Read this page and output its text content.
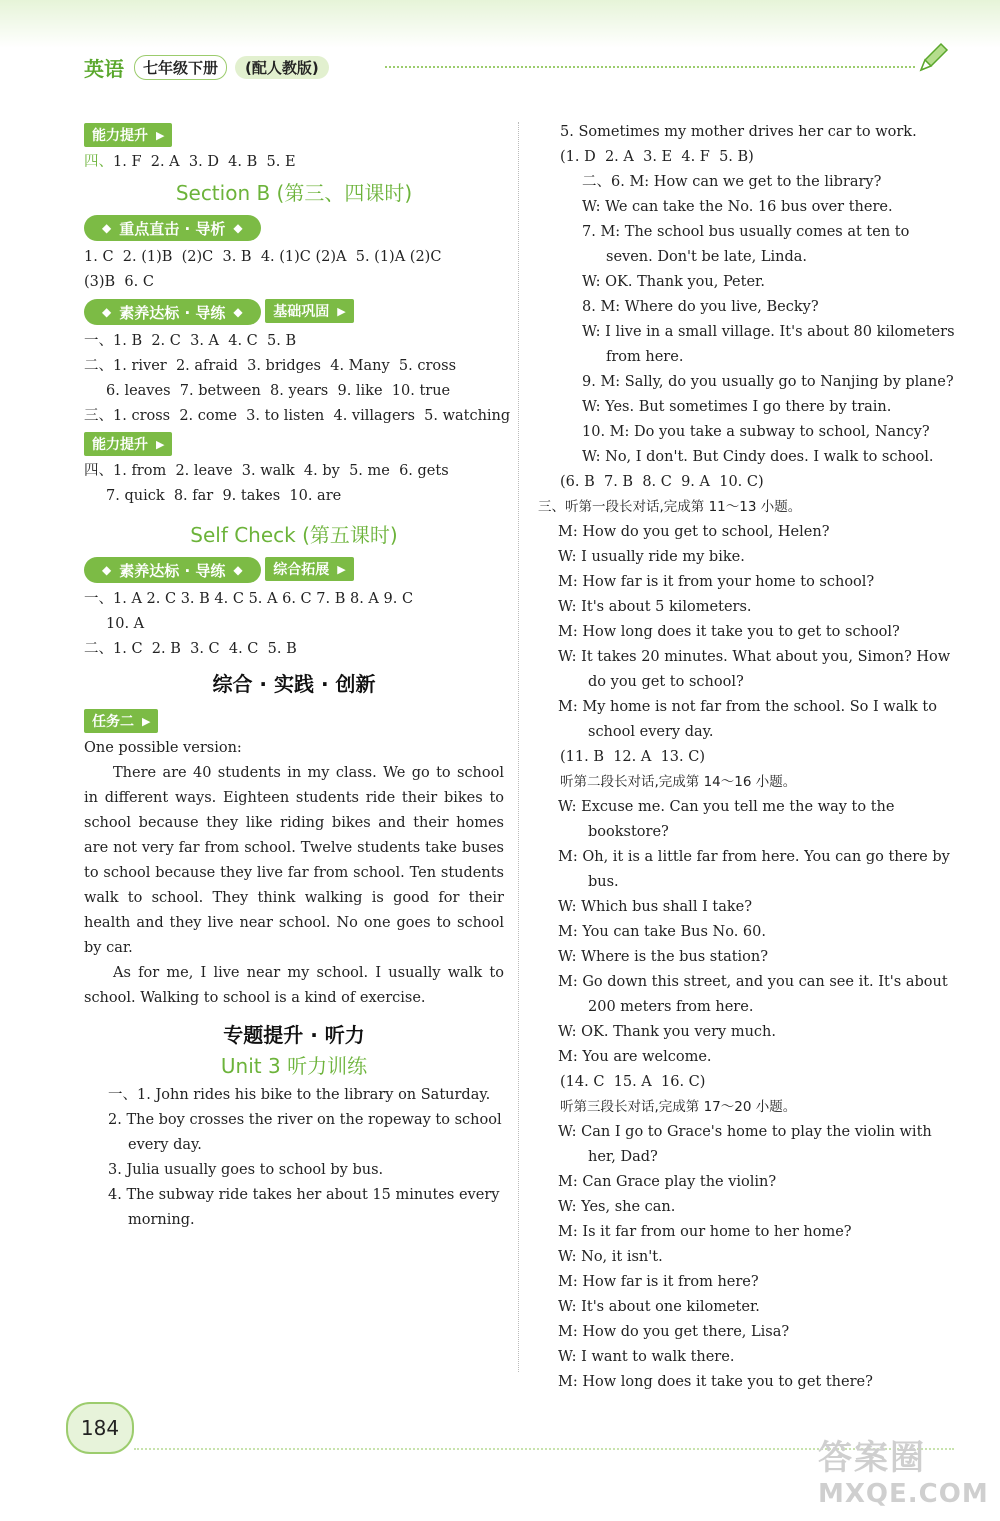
英语	七年级下册	(配人教版)
能力提升 ▶
四、1. F 2. A 3. D 4. B 5. E
Section B (第三、四课时)
◆ 重点直击 · 导析 ◆
1. C 2. (1)B (2)C 3. B 4. (1)C (2)A 5. (1)A (2)C
(3)B 6. C
◆ 素养达标 · 导练 ◆
基础巩固 ▶
一、1. B 2. C 3. A 4. C 5. B
二、1. river 2. afraid 3. bridges 4. Many 5. cross
6. leaves 7. between 8. years 9. like 10. true
三、1. cross 2. come 3. to listen 4. villagers 5. watching
能力提升 ▶
四、1. from 2. leave 3. walk 4. by 5. me 6. gets
7. quick 8. far 9. takes 10. are
Self Check (第五课时)
◆ 素养达标 · 导练 ◆
综合拓展 ▶
一、1. A 2. C 3. B 4. C 5. A 6. C 7. B 8. A 9. C
10. A
二、1. C 2. B 3. C 4. C 5. B
综合 · 实践 · 创新
任务二 ▶
One possible version:
There are 40 students in my class. We go to school in different ways. Eighteen students ride their bikes to school because they like riding bikes and their homes are not very far from school. Twelve students take buses to school because they live far from school. Ten students walk to school. They think walking is good for their health and they live near school. No one goes to school by car.
As for me, I live near my school. I usually walk to school. Walking to school is a kind of exercise.
专题提升 · 听力
Unit 3 听力训练
一、1. John rides his bike to the library on Saturday.
2. The boy crosses the river on the ropeway to school every day.
3. Julia usually goes to school by bus.
4. The subway ride takes her about 15 minutes every morning.
5. Sometimes my mother drives her car to work.
(1. D 2. A 3. E 4. F 5. B)
二、6. M: How can we get to the library?
W: We can take the No. 16 bus over there.
7. M: The school bus usually comes at ten to seven. Don't be late, Linda.
W: OK. Thank you, Peter.
8. M: Where do you live, Becky?
W: I live in a small village. It's about 80 kilometers from here.
9. M: Sally, do you usually go to Nanjing by plane?
W: Yes. But sometimes I go there by train.
10. M: Do you take a subway to school, Nancy?
W: No, I don't. But Cindy does. I walk to school.
(6. B 7. B 8. C 9. A 10. C)
三、听第一段长对话,完成第 11～13 小题。
M: How do you get to school, Helen?
W: I usually ride my bike.
M: How far is it from your home to school?
W: It's about 5 kilometers.
M: How long does it take you to get to school?
W: It takes 20 minutes. What about you, Simon? How do you get to school?
M: My home is not far from the school. So I walk to school every day.
(11. B 12. A 13. C)
听第二段长对话,完成第 14～16 小题。
W: Excuse me. Can you tell me the way to the bookstore?
M: Oh, it is a little far from here. You can go there by bus.
W: Which bus shall I take?
M: You can take Bus No. 60.
W: Where is the bus station?
M: Go down this street, and you can see it. It's about 200 meters from here.
W: OK. Thank you very much.
M: You are welcome.
(14. C 15. A 16. C)
听第三段长对话,完成第 17～20 小题。
W: Can I go to Grace's home to play the violin with her, Dad?
M: Can Grace play the violin?
W: Yes, she can.
M: Is it far from our home to her home?
W: No, it isn't.
M: How far is it from here?
W: It's about one kilometer.
M: How do you get there, Lisa?
W: I want to walk there.
M: How long does it take you to get there?
184
答案圈
MXQE.COM
